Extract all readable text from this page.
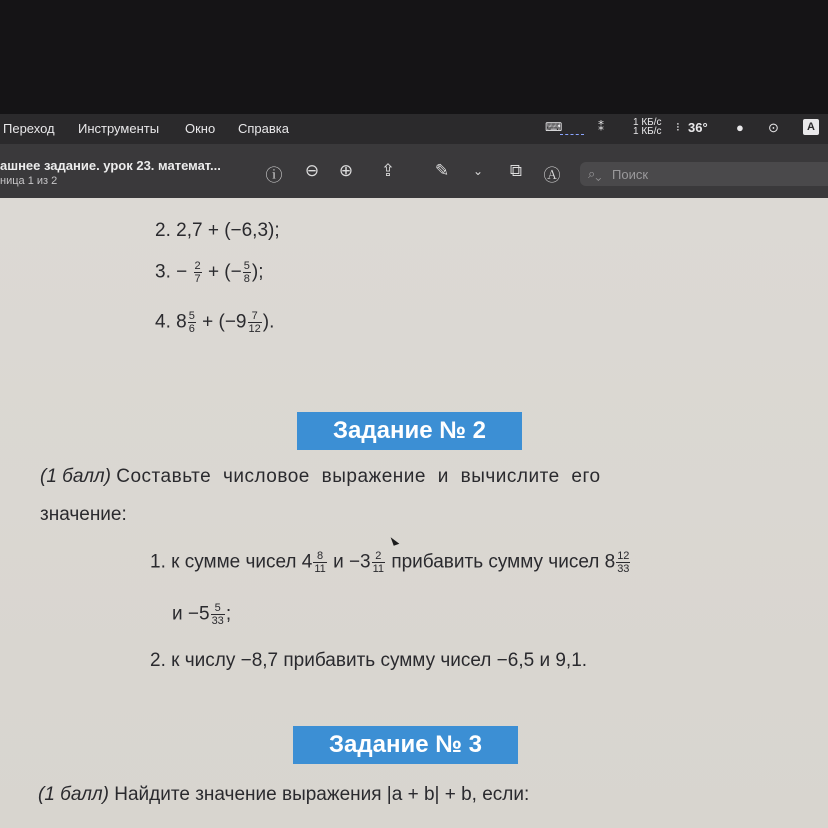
Переход Инструменты Окно Справка	⌨	⁑	1 КБ/с
1 КБ/с ⁝ 36° ● ⊙	A
ашнее задание. урок 23. математ...
ница 1 из 2	ⓘ ⊖ ⊕ ⇪ ✎	⌄	⧉	Ⓐ ⌕⌄ Поиск
2. 2,7 + (−6,3);
3. − $\frac{2}{7}$ + (− $\frac{5}{8}$ );
4. $8 \frac{5}{6} + (-9 \frac{7}{12}$ ).
Задание № 2
(1 балл) Составьте числовое выражение и вычислите его
значение:
1. к сумме чисел $4 \frac{8}{11}$ $и -3 \frac{2}{11}$ прибавить сумму чисел $8 \frac{12}{33}$
$и -5 \frac{5}{33}$ ;
2. к числу −8,7 прибавить сумму чисел −6,5 и 9,1.
Задание № 3
(1 балл) Найдите значение выражения |a + b| + b, если:
